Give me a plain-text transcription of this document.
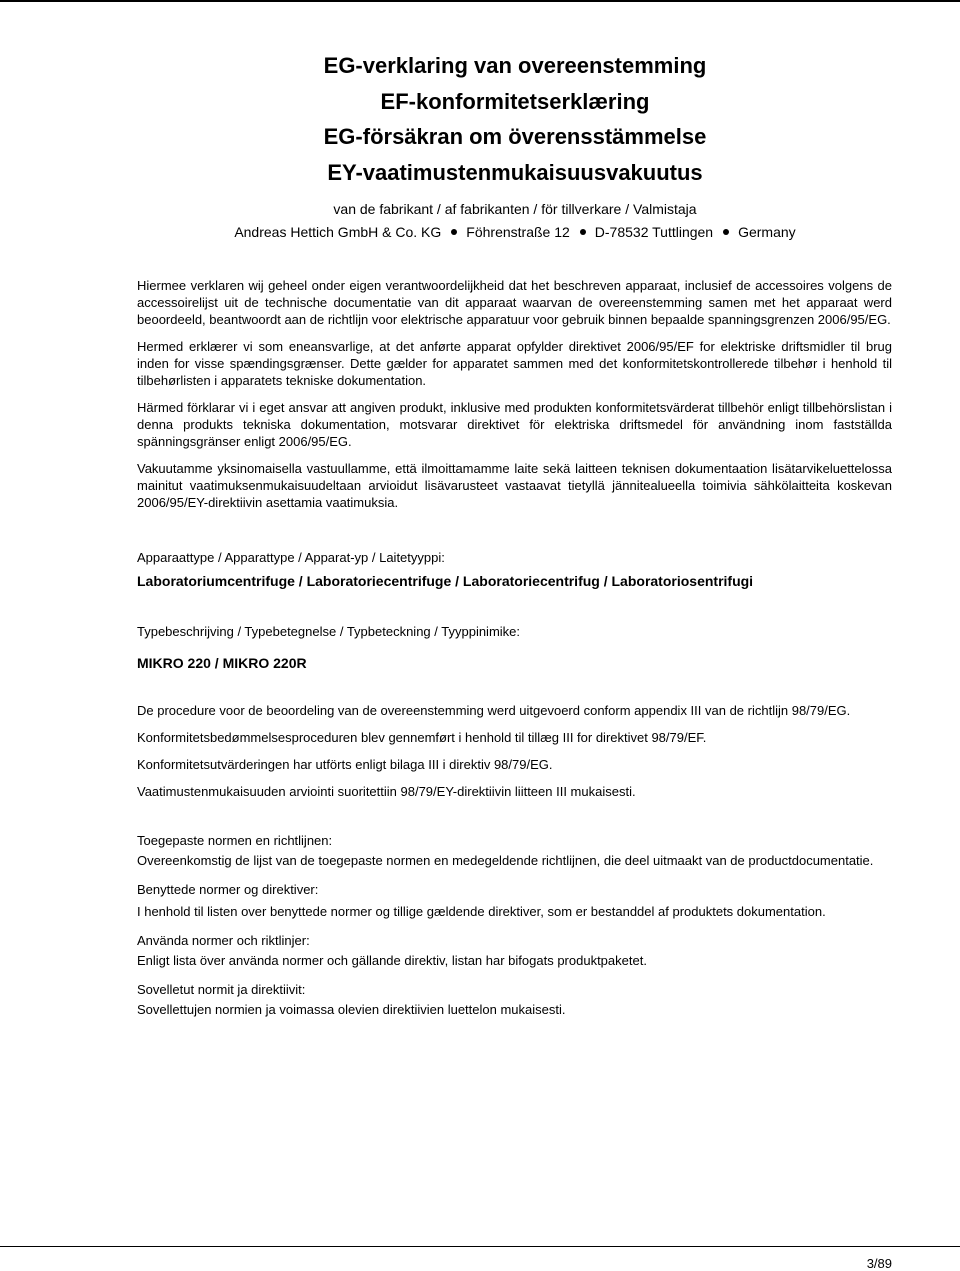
EG-verklaring van overeenstemming

EF-konformitetserklæring

EG-försäkran om överensstämmelse

EY-vaatimustenmukaisuusvakuutus

van de fabrikant / af fabrikanten / för tillverkare / Valmistaja
Andreas Hettich GmbH & Co. KG Föhrenstraße 12 D-78532 Tuttlingen Germany

Hiermee verklaren wij geheel onder eigen verantwoordelijkheid dat het beschreven apparaat, inclusief de accessoires volgens de accessoirelijst uit de technische documentatie van dit apparaat waarvan de overeenstemming samen met het apparaat werd beoordeeld, beantwoordt aan de richtlijn voor elektrische apparatuur voor gebruik binnen bepaalde spanningsgrenzen 2006/95/EG.

Hermed erklærer vi som eneansvarlige, at det anførte apparat opfylder direktivet 2006/95/EF for elektriske driftsmidler til brug inden for visse spændingsgrænser. Dette gælder for apparatet sammen med det konformitetskontrollerede tilbehør i henhold til tilbehørlisten i apparatets tekniske dokumentation.

Härmed förklarar vi i eget ansvar att angiven produkt, inklusive med produkten konformitetsvärderat tillbehör enligt tillbehörslistan i denna produkts tekniska dokumentation, motsvarar direktivet för elektriska driftsmedel för användning inom fastställda spänningsgränser enligt 2006/95/EG.

Vakuutamme yksinomaisella vastuullamme, että ilmoittamamme laite sekä laitteen teknisen dokumentaation lisätarvikeluettelossa mainitut vaatimuksenmukaisuudeltaan arvioidut lisävarusteet vastaavat tietyllä jännitealueella toimivia sähkölaitteita koskevan 2006/95/EY-direktiivin asettamia vaatimuksia.

Apparaattype / Apparattype / Apparat-yp / Laitetyyppi:

Laboratoriumcentrifuge / Laboratoriecentrifuge / Laboratoriecentrifug / Laboratoriosentrifugi

Typebeschrijving / Typebetegnelse / Typbeteckning / Tyyppinimike:

MIKRO 220 / MIKRO 220R

De procedure voor de beoordeling van de overeenstemming werd uitgevoerd conform appendix III van de richtlijn 98/79/EG.

Konformitetsbedømmelsesproceduren blev gennemført i henhold til tillæg III for direktivet 98/79/EF.

Konformitetsutvärderingen har utförts enligt bilaga III i direktiv 98/79/EG.

Vaatimustenmukaisuuden arviointi suoritettiin 98/79/EY-direktiivin liitteen III mukaisesti.

Toegepaste normen en richtlijnen:

Overeenkomstig de lijst van de toegepaste normen en medegeldende richtlijnen, die deel uitmaakt van de productdocumentatie.

Benyttede normer og direktiver:

I henhold til listen over benyttede normer og tillige gældende direktiver, som er bestanddel af produktets dokumentation.

Använda normer och riktlinjer:

Enligt lista över använda normer och gällande direktiv, listan har bifogats produktpaketet.

Sovelletut normit ja direktiivit:

Sovellettujen normien ja voimassa olevien direktiivien luettelon mukaisesti.

3/89
